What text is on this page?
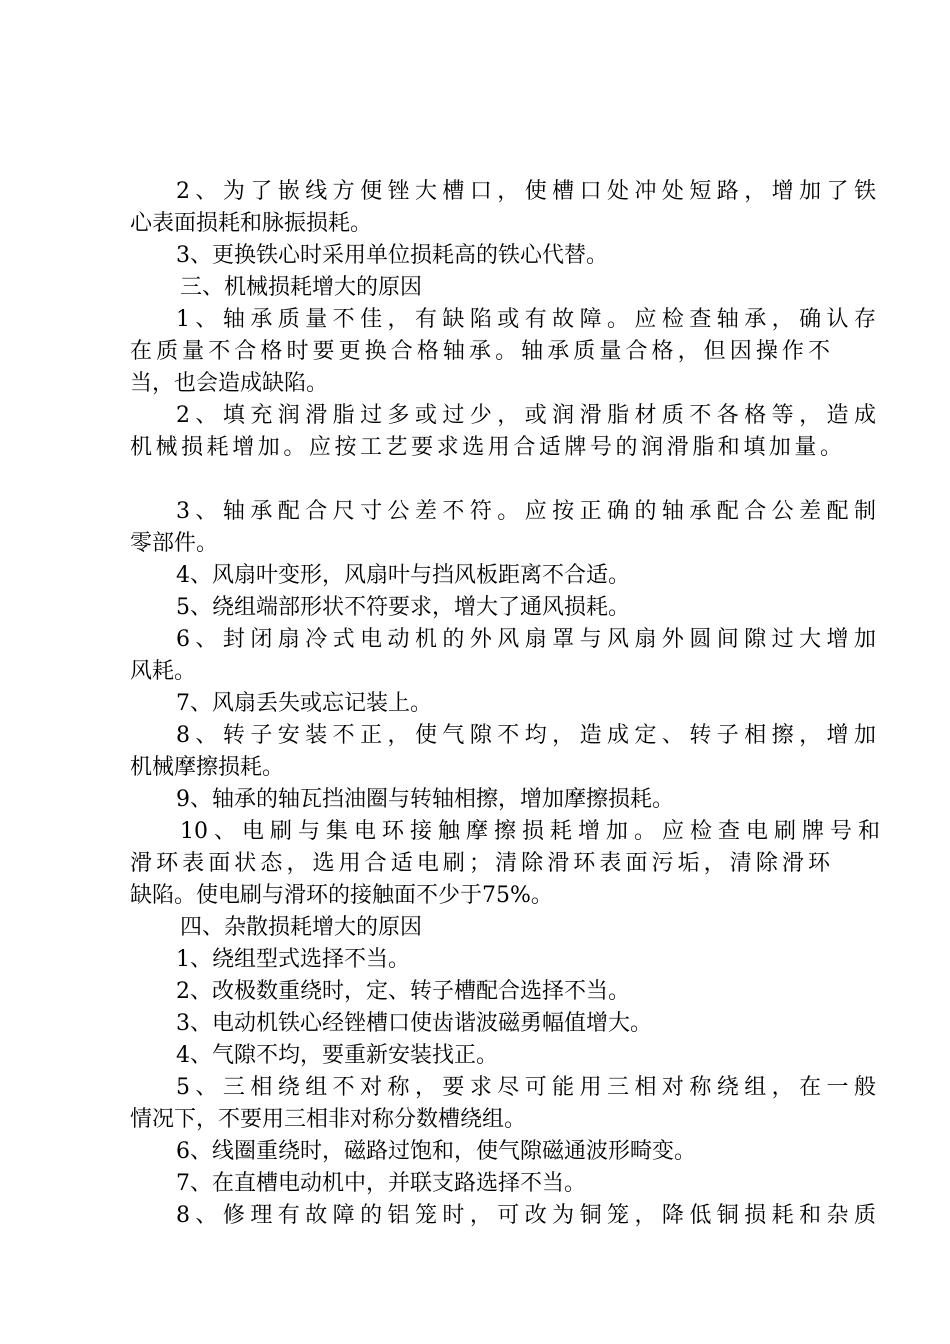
2、为了嵌线方便锉大槽口，使槽口处冲处短路，增加了铁
心表面损耗和脉振损耗。
3、更换铁心时采用单位损耗高的铁心代替。
三、机械损耗增大的原因
1、轴承质量不佳，有缺陷或有故障。应检查轴承，确认存
在质量不合格时要更换合格轴承。轴承质量合格，但因操作不
当，也会造成缺陷。
2、填充润滑脂过多或过少，或润滑脂材质不各格等，造成
机械损耗增加。应按工艺要求选用合适牌号的润滑脂和填加量。
3、轴承配合尺寸公差不符。应按正确的轴承配合公差配制
零部件。
4、风扇叶变形，风扇叶与挡风板距离不合适。
5、绕组端部形状不符要求，增大了通风损耗。
6、封闭扇冷式电动机的外风扇罩与风扇外圆间隙过大增加
风耗。
7、风扇丢失或忘记装上。
8、转子安装不正，使气隙不均，造成定、转子相擦，增加
机械摩擦损耗。
9、轴承的轴瓦挡油圈与转轴相擦，增加摩擦损耗。
10、电刷与集电环接触摩擦损耗增加。应检查电刷牌号和
滑环表面状态，选用合适电刷；清除滑环表面污垢，清除滑环
缺陷。使电刷与滑环的接触面不少于75%。
四、杂散损耗增大的原因
1、绕组型式选择不当。
2、改极数重绕时，定、转子槽配合选择不当。
3、电动机铁心经锉槽口使齿谐波磁勇幅值增大。
4、气隙不均，要重新安装找正。
5、三相绕组不对称，要求尽可能用三相对称绕组，在一般
情况下，不要用三相非对称分数槽绕组。
6、线圈重绕时，磁路过饱和，使气隙磁通波形畸变。
7、在直槽电动机中，并联支路选择不当。
8、修理有故障的铝笼时，可改为铜笼，降低铜损耗和杂质
